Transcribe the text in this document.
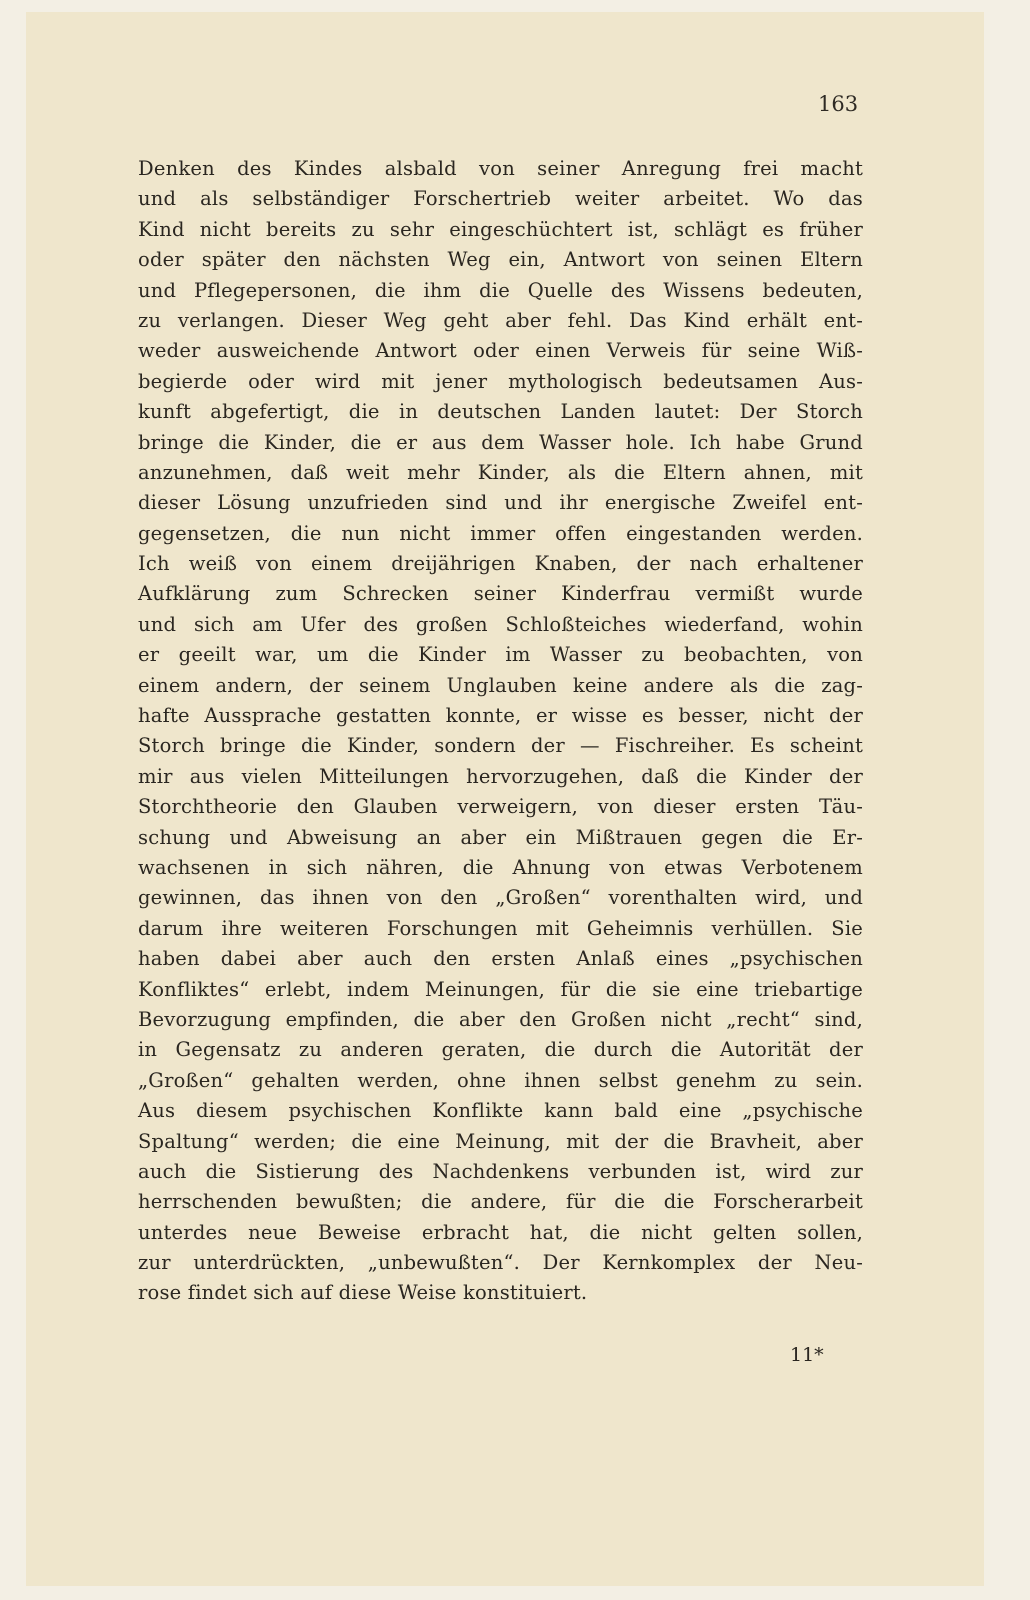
163
Denken des Kindes alsbald von seiner Anregung frei macht
und als selbständiger Forschertrieb weiter arbeitet. Wo das
Kind nicht bereits zu sehr eingeschüchtert ist, schlägt es früher
oder später den nächsten Weg ein, Antwort von seinen Eltern
und Pflegepersonen, die ihm die Quelle des Wissens bedeuten,
zu verlangen. Dieser Weg geht aber fehl. Das Kind erhält ent-
weder ausweichende Antwort oder einen Verweis für seine Wiß-
begierde oder wird mit jener mythologisch bedeutsamen Aus-
kunft abgefertigt, die in deutschen Landen lautet: Der Storch
bringe die Kinder, die er aus dem Wasser hole. Ich habe Grund
anzunehmen, daß weit mehr Kinder, als die Eltern ahnen, mit
dieser Lösung unzufrieden sind und ihr energische Zweifel ent-
gegensetzen, die nun nicht immer offen eingestanden werden.
Ich weiß von einem dreijährigen Knaben, der nach erhaltener
Aufklärung zum Schrecken seiner Kinderfrau vermißt wurde
und sich am Ufer des großen Schloßteiches wiederfand, wohin
er geeilt war, um die Kinder im Wasser zu beobachten, von
einem andern, der seinem Unglauben keine andere als die zag-
hafte Aussprache gestatten konnte, er wisse es besser, nicht der
Storch bringe die Kinder, sondern der — Fischreiher. Es scheint
mir aus vielen Mitteilungen hervorzugehen, daß die Kinder der
Storchtheorie den Glauben verweigern, von dieser ersten Täu-
schung und Abweisung an aber ein Mißtrauen gegen die Er-
wachsenen in sich nähren, die Ahnung von etwas Verbotenem
gewinnen, das ihnen von den „Großen“ vorenthalten wird, und
darum ihre weiteren Forschungen mit Geheimnis verhüllen. Sie
haben dabei aber auch den ersten Anlaß eines „psychischen
Konfliktes“ erlebt, indem Meinungen, für die sie eine triebartige
Bevorzugung empfinden, die aber den Großen nicht „recht“ sind,
in Gegensatz zu anderen geraten, die durch die Autorität der
„Großen“ gehalten werden, ohne ihnen selbst genehm zu sein.
Aus diesem psychischen Konflikte kann bald eine „psychische
Spaltung“ werden; die eine Meinung, mit der die Bravheit, aber
auch die Sistierung des Nachdenkens verbunden ist, wird zur
herrschenden bewußten; die andere, für die die Forscherarbeit
unterdes neue Beweise erbracht hat, die nicht gelten sollen,
zur unterdrückten, „unbewußten“. Der Kernkomplex der Neu-
rose findet sich auf diese Weise konstituiert.
11*
